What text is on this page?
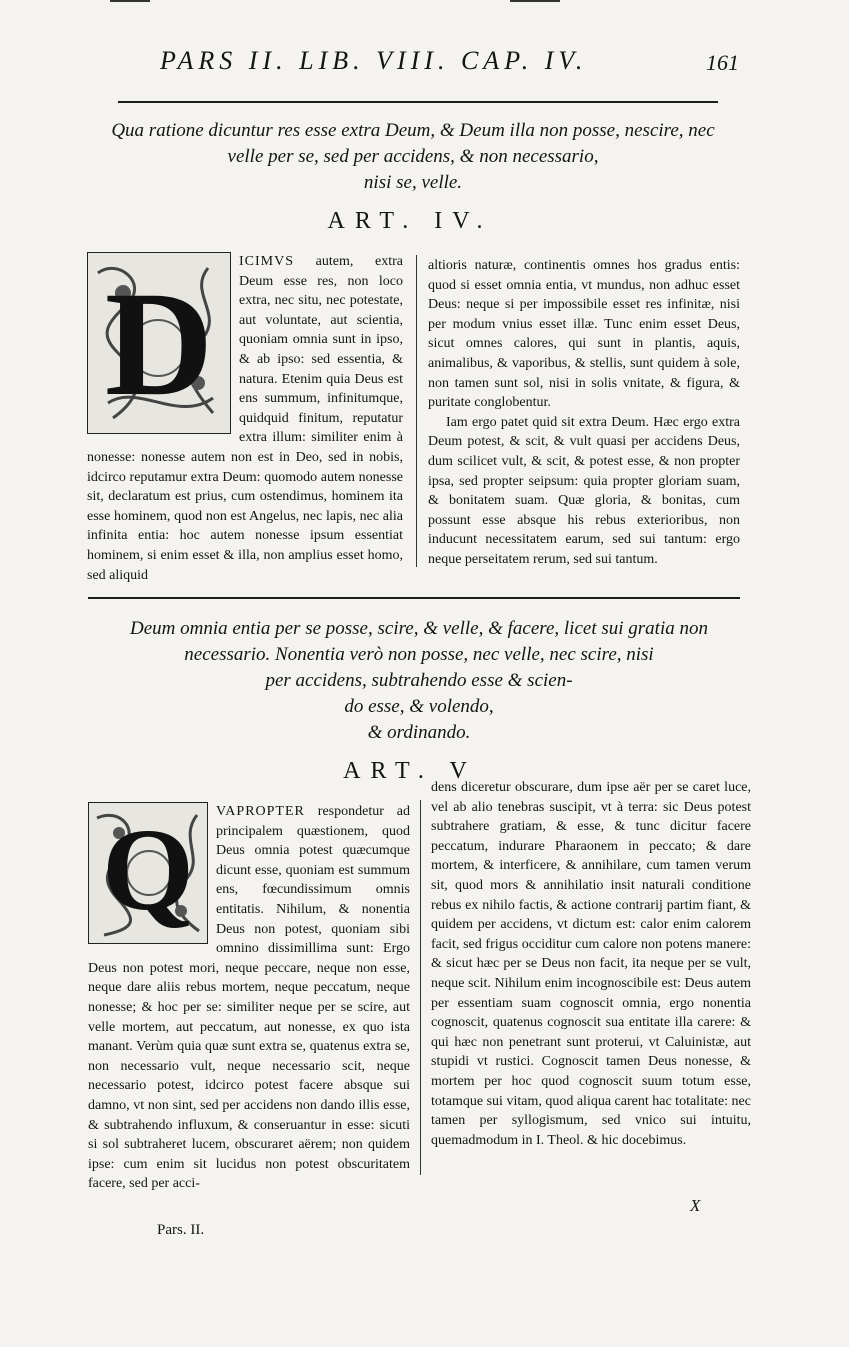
PARS II. LIB. VIII. CAP. IV.	161
Qua ratione dicuntur res esse extra Deum, & Deum illa non posse, nescire, nec
velle per se, sed per accidens, & non necessario,
nisi se, velle.
ART. IV.
D	ICIMVS autem, extra Deum esse res, non loco extra, nec situ, nec potestate, aut voluntate, aut scientia, quoniam omnia sunt in ipso, & ab ipso: sed essentia, & natura. Etenim quia Deus est ens summum, infinitumque, quidquid finitum, reputatur extra illum: similiter enim à nonesse: nonesse autem non est in Deo, sed in nobis, idcirco reputamur extra Deum: quomodo autem nonesse sit, declaratum est prius, cum ostendimus, hominem ita esse hominem, quod non est Angelus, nec lapis, nec alia infinita entia: hoc autem nonesse ipsum essentiat hominem, si enim esset & illa, non amplius esset homo, sed aliquid

altioris naturæ, continentis omnes hos gradus entis: quod si esset omnia entia, vt mundus, non adhuc esset Deus: neque si per impossibile esset res infinitæ, nisi per modum vnius esset illæ. Tunc enim esset Deus, sicut omnes calores, qui sunt in plantis, aquis, animalibus, & vaporibus, & stellis, sunt quidem à sole, non tamen sunt sol, nisi in solis vnitate, & figura, & puritate conglobentur.

Iam ergo patet quid sit extra Deum. Hæc ergo extra Deum potest, & scit, & vult quasi per accidens Deus, dum scilicet vult, & scit, & potest esse, & non propter ipsa, sed propter seipsum: quia propter gloriam suam, & bonitatem suam. Quæ gloria, & bonitas, cum possunt esse absque his rebus exterioribus, non inducunt necessitatem earum, sed sui tantum: ergo neque perseitatem rerum, sed sui tantum.

Deum omnia entia per se posse, scire, & velle, & facere, licet sui gratia non
necessario. Nonentia verò non posse, nec velle, nec scire, nisi
per accidens, subtrahendo esse & scien-
do esse, & volendo,
& ordinando.
ART. V
Q	VAPROPTER respondetur ad principalem quæstionem, quod Deus omnia potest quæcumque dicunt esse, quoniam est summum ens, fœcundissimum omnis entitatis. Nihilum, & nonentia Deus non potest, quoniam sibi omnino dissimillima sunt: Ergo Deus non potest mori, neque peccare, neque non esse, neque dare aliis rebus mortem, neque peccatum, neque nonesse; & hoc per se: similiter neque per se scire, aut velle mortem, aut peccatum, aut nonesse, ex quo ista manant. Verùm quia quæ sunt extra se, quatenus extra se, non necessario vult, neque necessario scit, neque necessario potest, idcirco potest facere absque sui damno, vt non sint, sed per accidens non dando illis esse, & subtrahendo influxum, & conseruantur in esse: sicuti si sol subtraheret lucem, obscuraret aërem; non quidem ipse: cum enim sit lucidus non potest obscuritatem facere, sed per acci-

dens diceretur obscurare, dum ipse aër per se caret luce, vel ab alio tenebras suscipit, vt à terra: sic Deus potest subtrahere gratiam, & esse, & tunc dicitur facere peccatum, indurare Pharaonem in peccato; & dare mortem, & interficere, & annihilare, cum tamen verum sit, quod mors & annihilatio insit naturali conditione rebus ex nihilo factis, & actione contrarij partim fiant, & quidem per accidens, vt dictum est: calor enim calorem facit, sed frigus occiditur cum calore non potens manere: & sicut hæc per se Deus non facit, ita neque per se vult, neque scit. Nihilum enim incognoscibile est: Deus autem per essentiam suam cognoscit omnia, ergo nonentia cognoscit, quatenus cognoscit sua entitate illa carere: & qui hæc non penetrant sunt proterui, vt Caluinistæ, aut stupidi vt rustici. Cognoscit tamen Deus nonesse, & mortem per hoc quod cognoscit suum totum esse, totamque sui vitam, quod aliqua carent hac totalitate: nec tamen per syllogismum, sed vnico sui intuitu, quemadmodum in I. Theol. & hic docebimus.

X
Pars. II.
